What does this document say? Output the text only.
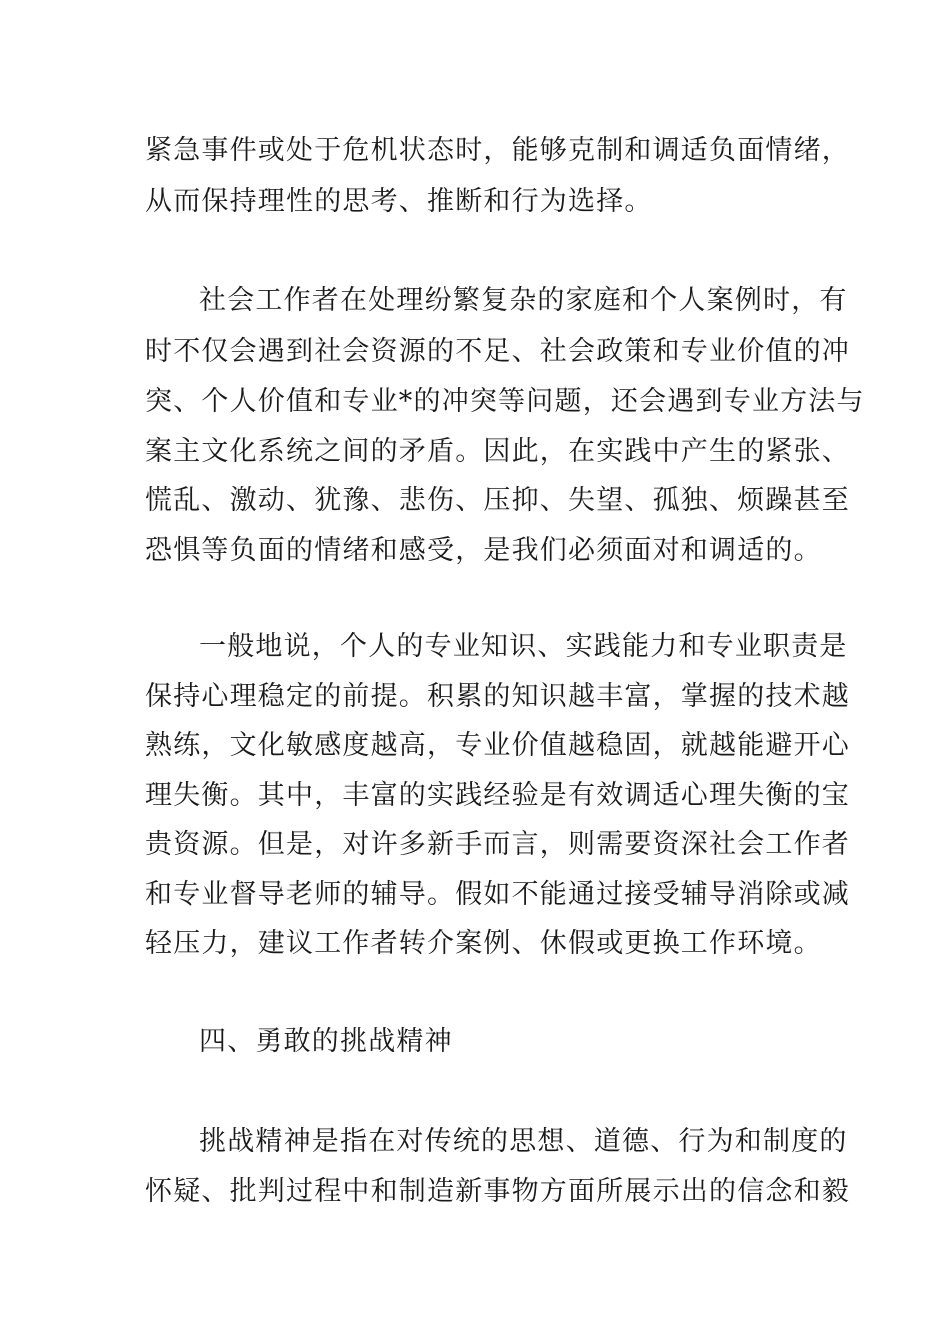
紧急事件或处于危机状态时，能够克制和调适负面情绪，
从而保持理性的思考、推断和行为选择。
社会工作者在处理纷繁复杂的家庭和个人案例时，有
时不仅会遇到社会资源的不足、社会政策和专业价值的冲
突、个人价值和专业*的冲突等问题，还会遇到专业方法与
案主文化系统之间的矛盾。因此，在实践中产生的紧张、
慌乱、激动、犹豫、悲伤、压抑、失望、孤独、烦躁甚至
恐惧等负面的情绪和感受，是我们必须面对和调适的。
一般地说，个人的专业知识、实践能力和专业职责是
保持心理稳定的前提。积累的知识越丰富，掌握的技术越
熟练，文化敏感度越高，专业价值越稳固，就越能避开心
理失衡。其中，丰富的实践经验是有效调适心理失衡的宝
贵资源。但是，对许多新手而言，则需要资深社会工作者
和专业督导老师的辅导。假如不能通过接受辅导消除或减
轻压力，建议工作者转介案例、休假或更换工作环境。
四、勇敢的挑战精神
挑战精神是指在对传统的思想、道德、行为和制度的
怀疑、批判过程中和制造新事物方面所展示出的信念和毅
